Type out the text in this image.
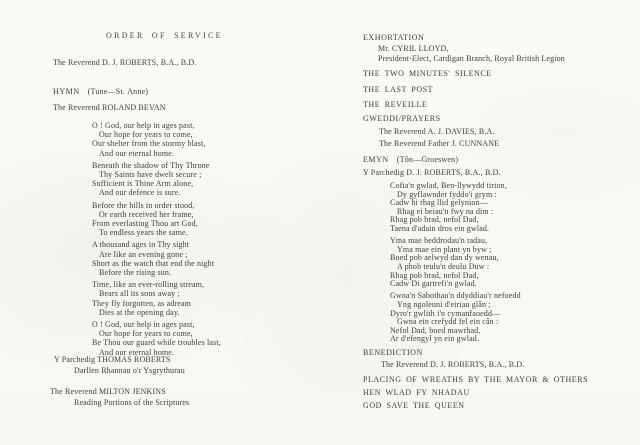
ORDER OF SERVICE
The Reverend D. J. ROBERTS, B.A., B.D.
HYMN (Tune—St. Anne)
The Reverend ROLAND BEVAN
O ! God, our help in ages past,
Our hope for years to come,
Our shelter from the stormy blast,
And our eternal home.
Beneath the shadow of Thy Throne
Thy Saints have dwelt secure ;
Sufficient is Thine Arm alone,
And our defence is sure.
Before the hills in order stood,
Or earth received her frame,
From everlasting Thou art God,
To endless years the same.
A thousand ages in Thy sight
Are like an evening gone ;
Short as the watch that end the night
Before the rising sun.
Time, like an ever-rolling stream,
Bears all its sons away ;
They fly forgotten, as adream
Dies at the opening day.
O ! God, our help in ages past,
Our hope for years to come,
Be Thou our guard while troubles last,
And our eternal home.
Y Parchedig THOMAS ROBERTS
Darllen Rhannau o'r Ysgrythurau
The Reverend MILTON JENKINS
Reading Portions of the Scriptures
EXHORTATION
Mr. CYRIL LLOYD,
President-Elect, Cardigan Branch, Royal British Legion
THE TWO MINUTES' SILENCE
THE LAST POST
THE REVEILLE
GWEDDI/PRAYERS
The Reverend A. J. DAVIES, B.A.
The Reverend Father J. CUNNANE
EMYN (Tôn—Groeswen)
Y Parchedig D. J. ROBERTS, B.A., B.D.
Cofia'n gwlad, Ben-llywydd tirion,
Dy gyflawnder fyddo'i grym :
Cadw hi rhag llid gelynion—
Rhag ei beiau'n fwy na dim :
Rhag pob brad, nefol Dad,
Taena d'adain dros ein gwlad.
Yma mae beddrodau'n tadau,
Yma mae ein plant yn byw ;
Boed pob aelwyd dan dy wenau,
A phob teulu'n deulu Duw :
Rhag pob brad, nefol Dad,
Cadw Di gartrefi'n gwlad.
Gwna'n Sabothau'n ddyddiau'r nefoedd
Yng ngoleuni d'eiriau glân ;
Dyro'r gwlith i'n cymanfaoedd—
Gwna ein crefydd fel ein cân :
Nefol Dad, boed mawrhad,
Ar d'efengyl yn ein gwlad.
BENEDICTION
The Reverend D. J. ROBERTS, B.A., B.D.
PLACING OF WREATHS BY THE MAYOR & OTHERS
HEN WLAD FY NHADAU
GOD SAVE THE QUEEN
